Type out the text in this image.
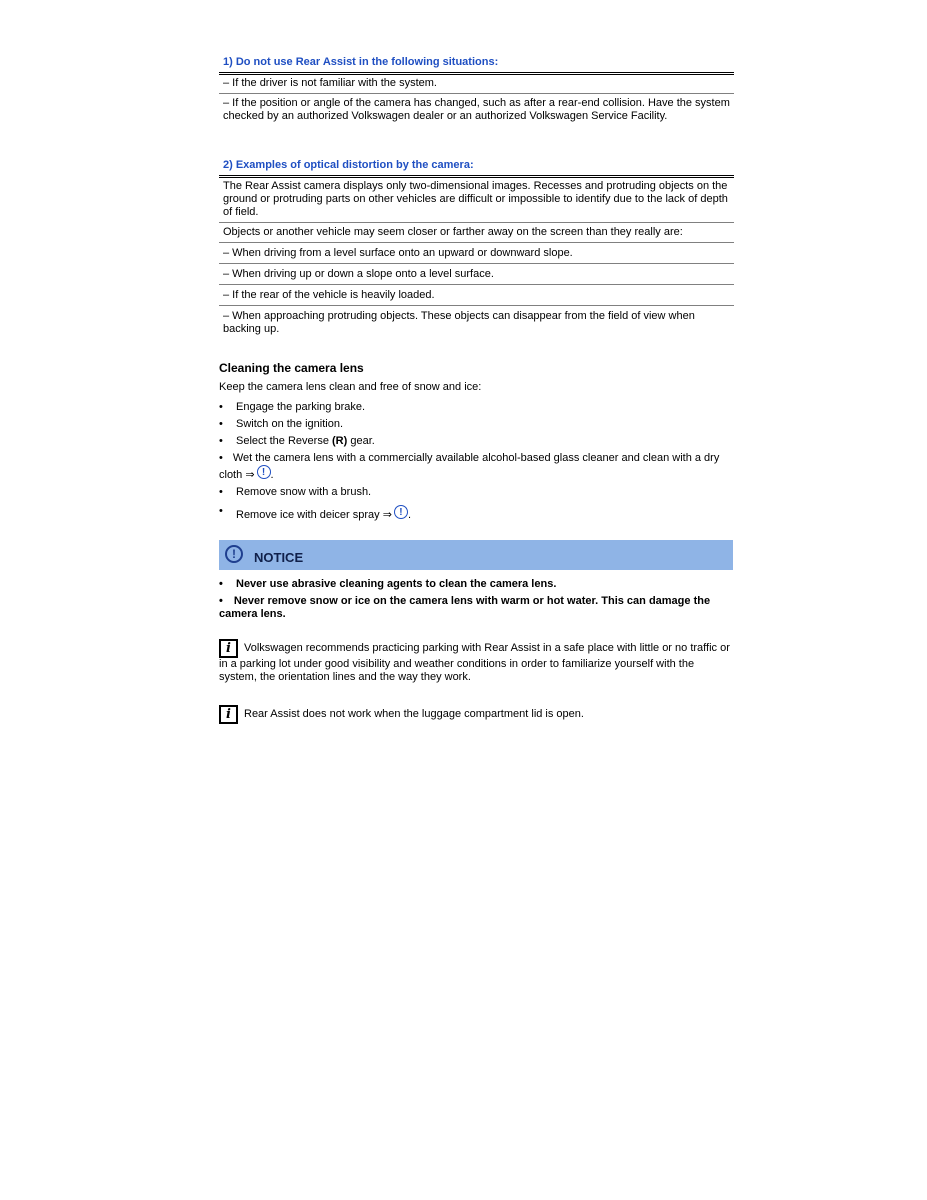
1) Do not use Rear Assist in the following situations:
– If the driver is not familiar with the system.
– If the position or angle of the camera has changed, such as after a rear-end collision. Have the system checked by an authorized Volkswagen dealer or an authorized Volkswagen Service Facility.
2) Examples of optical distortion by the camera:
The Rear Assist camera displays only two-dimensional images. Recesses and protruding objects on the ground or protruding parts on other vehicles are difficult or impossible to identify due to the lack of depth of field.
Objects or another vehicle may seem closer or farther away on the screen than they really are:
– When driving from a level surface onto an upward or downward slope.
– When driving up or down a slope onto a level surface.
– If the rear of the vehicle is heavily loaded.
– When approaching protruding objects. These objects can disappear from the field of view when backing up.
Cleaning the camera lens
Keep the camera lens clean and free of snow and ice:
• Engage the parking brake.
• Switch on the ignition.
• Select the Reverse (R) gear.
• Wet the camera lens with a commercially available alcohol-based glass cleaner and clean with a dry cloth ⇒ ! .
• Remove snow with a brush.
• Remove ice with deicer spray ⇒ ! .
!	NOTICE
• Never use abrasive cleaning agents to clean the camera lens.
• Never remove snow or ice on the camera lens with warm or hot water. This can damage the camera lens.
i Volkswagen recommends practicing parking with Rear Assist in a safe place with little or no traffic or in a parking lot under good visibility and weather conditions in order to familiarize yourself with the system, the orientation lines and the way they work.
i Rear Assist does not work when the luggage compartment lid is open.
